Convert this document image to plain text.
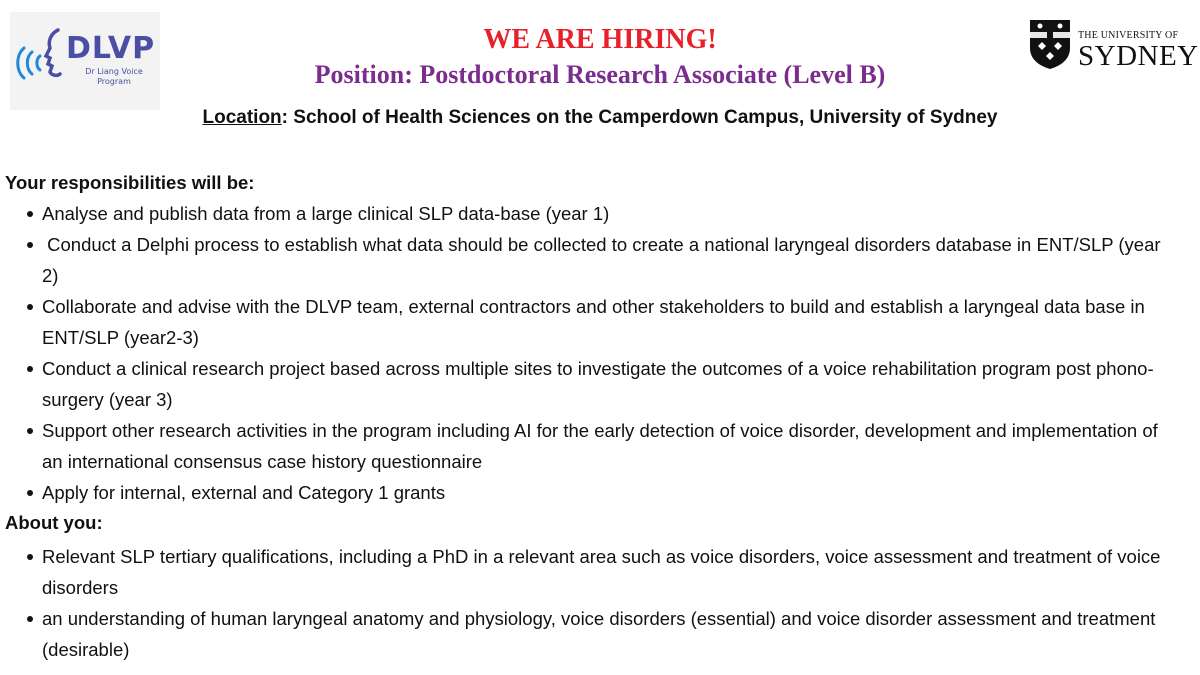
DLVP
Dr Liang Voice Program
THE UNIVERSITY OF
SYDNEY
WE ARE HIRING!
Position: Postdoctoral Research Associate (Level B)
Location: School of Health Sciences on the Camperdown Campus, University of Sydney
Your responsibilities will be:
Analyse and publish data from a large clinical SLP data-base (year 1)
Conduct a Delphi process to establish what data should be collected to create a national laryngeal disorders database in ENT/SLP (year 2)
Collaborate and advise with the DLVP team, external contractors and other stakeholders to build and establish a laryngeal data base in ENT/SLP (year2-3)
Conduct a clinical research project based across multiple sites to investigate the outcomes of a voice rehabilitation program post phono-surgery (year 3)
Support other research activities in the program including AI for the early detection of voice disorder, development and implementation of an international consensus case history questionnaire
Apply for internal, external and Category 1 grants
About you:
Relevant SLP tertiary qualifications, including a PhD in a relevant area such as voice disorders, voice assessment and treatment of voice disorders
an understanding of human laryngeal anatomy and physiology, voice disorders (essential) and voice disorder assessment and treatment (desirable)
